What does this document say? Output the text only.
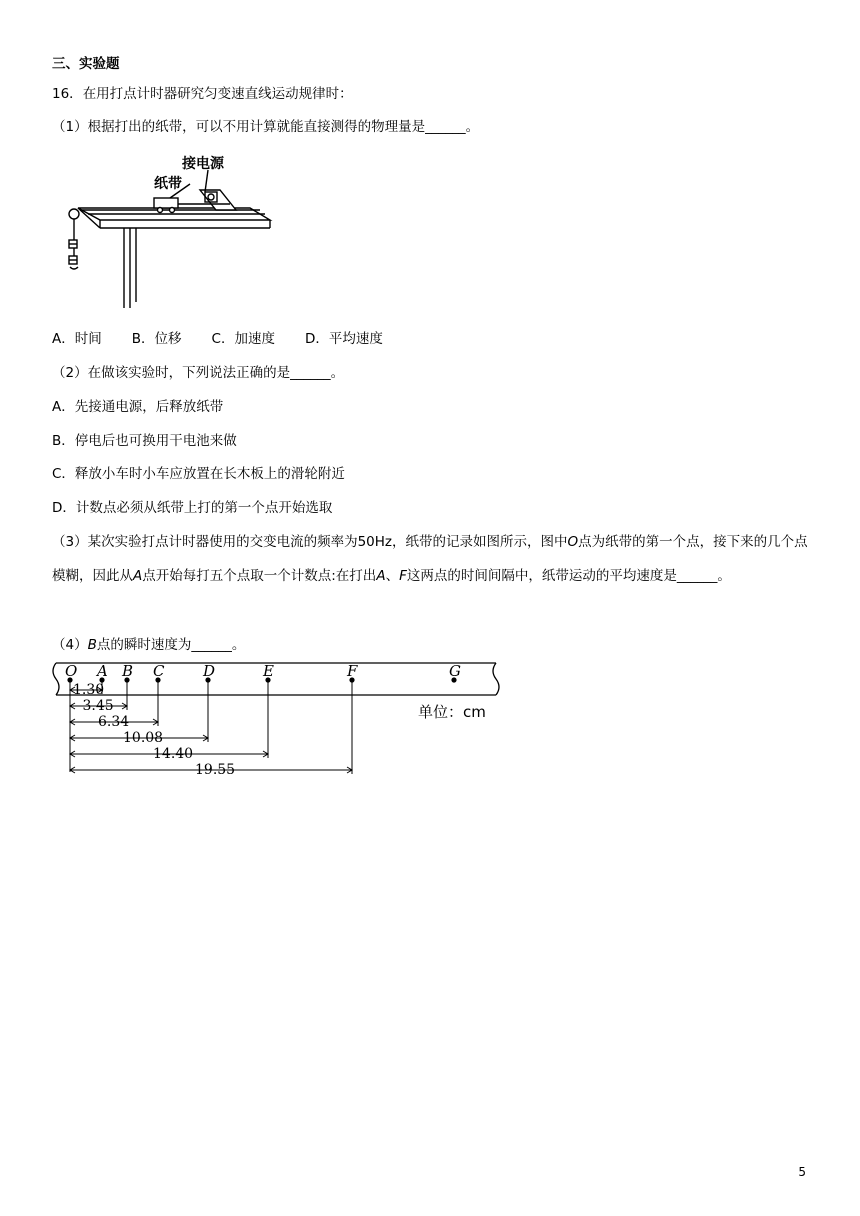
三、实验题
16．在用打点计时器研究匀变速直线运动规律时：
（1）根据打出的纸带，可以不用计算就能直接测得的物理量是______。
纸带
接电源
A．时间 B．位移 C．加速度 D．平均速度
（2）在做该实验时，下列说法正确的是______。
A．先接通电源，后释放纸带
B．停电后也可换用干电池来做
C．释放小车时小车应放置在长木板上的滑轮附近
D．计数点必须从纸带上打的第一个点开始选取
（3）某次实验打点计时器使用的交变电流的频率为50Hz，纸带的记录如图所示，图中O点为纸带的第一个点，接下来的几个点模糊，因此从A点开始每打五个点取一个计数点:在打出A、F这两点的时间间隔中，纸带运动的平均速度是______。
（4）B点的瞬时速度为______。
O A B C	D	E	F	G
1.30
3.45
6.34
10.08
14.40
19.55
单位：cm
5
